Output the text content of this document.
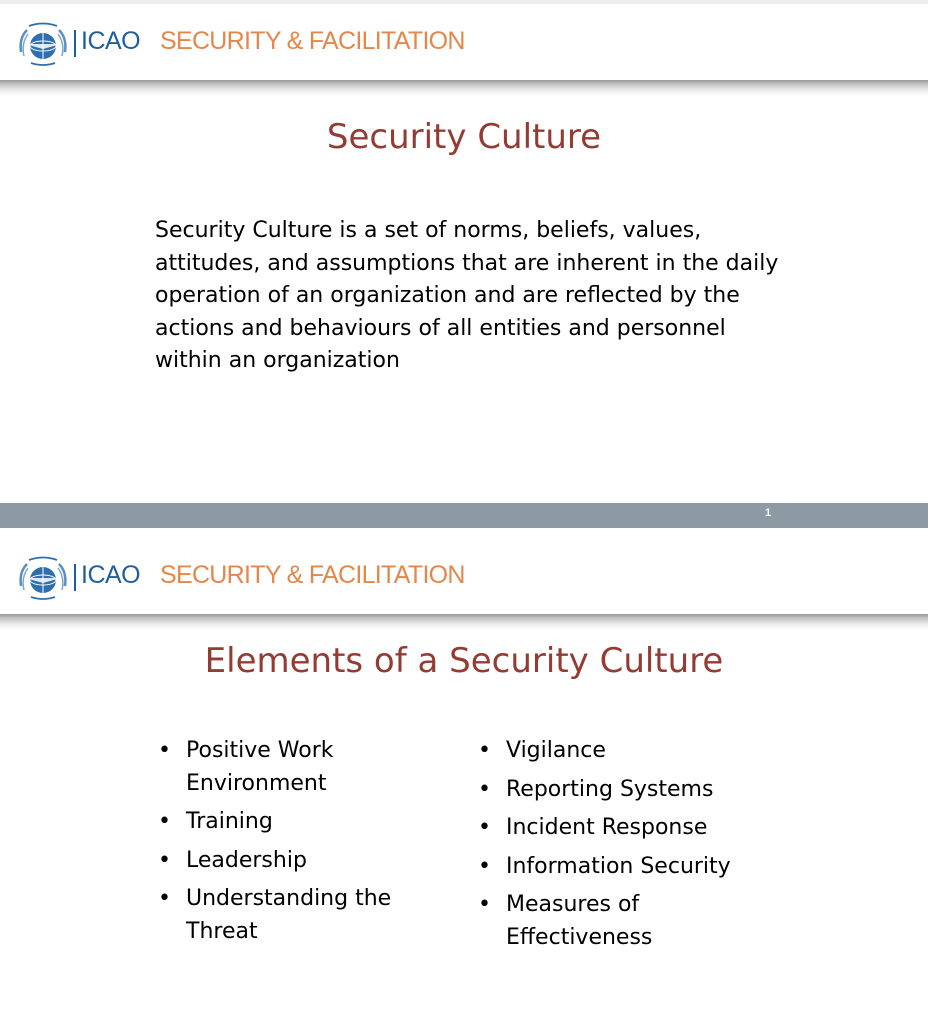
ICAO SECURITY & FACILITATION
Security Culture
Security Culture is a set of norms, beliefs, values, attitudes, and assumptions that are inherent in the daily operation of an organization and are reflected by the actions and behaviours of all entities and personnel within an organization
1
ICAO SECURITY & FACILITATION
Elements of a Security Culture
• Positive Work Environment
• Training
• Leadership
• Understanding the Threat
• Vigilance
• Reporting Systems
• Incident Response
• Information Security
• Measures of Effectiveness
